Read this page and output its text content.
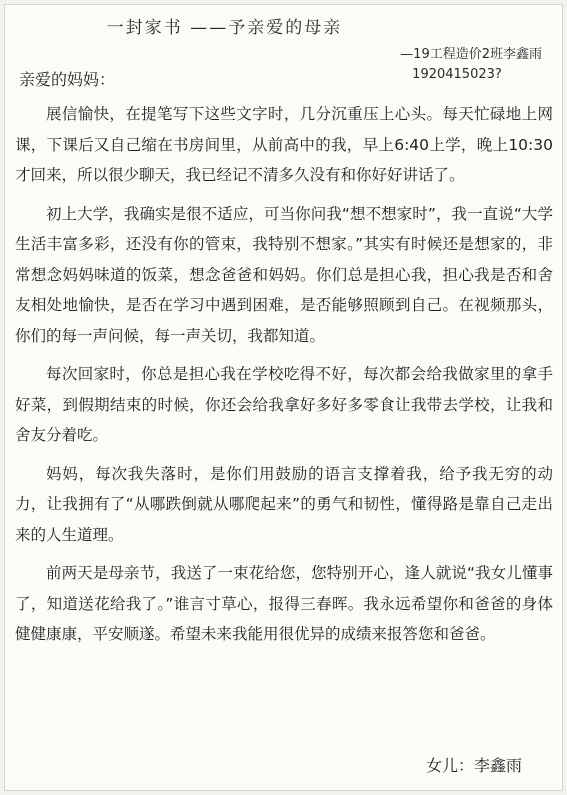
一封家书 ——予亲爱的母亲
—19工程造价2班李鑫雨
1920415023?
亲爱的妈妈：

展信愉快，在提笔写下这些文字时，几分沉重压上心头。每天忙碌地上网课，下课后又自己缩在书房间里，从前高中的我，早上6:40上学，晚上10:30才回来，所以很少聊天，我已经记不清多久没有和你好好讲话了。

初上大学，我确实是很不适应，可当你问我“想不想家时”，我一直说“大学生活丰富多彩，还没有你的管束，我特别不想家。”其实有时候还是想家的，非常想念妈妈味道的饭菜，想念爸爸和妈妈。你们总是担心我，担心我是否和舍友相处地愉快，是否在学习中遇到困难，是否能够照顾到自己。在视频那头，你们的每一声问候，每一声关切，我都知道。

每次回家时，你总是担心我在学校吃得不好，每次都会给我做家里的拿手好菜，到假期结束的时候，你还会给我拿好多好多零食让我带去学校，让我和舍友分着吃。

妈妈，每次我失落时，是你们用鼓励的语言支撑着我，给予我无穷的动力，让我拥有了“从哪跌倒就从哪爬起来”的勇气和韧性，懂得路是靠自己走出来的人生道理。

前两天是母亲节，我送了一束花给您，您特别开心，逢人就说“我女儿懂事了，知道送花给我了。”谁言寸草心，报得三春晖。我永远希望你和爸爸的身体健健康康，平安顺遂。希望未来我能用很优异的成绩来报答您和爸爸。

女儿：李鑫雨
